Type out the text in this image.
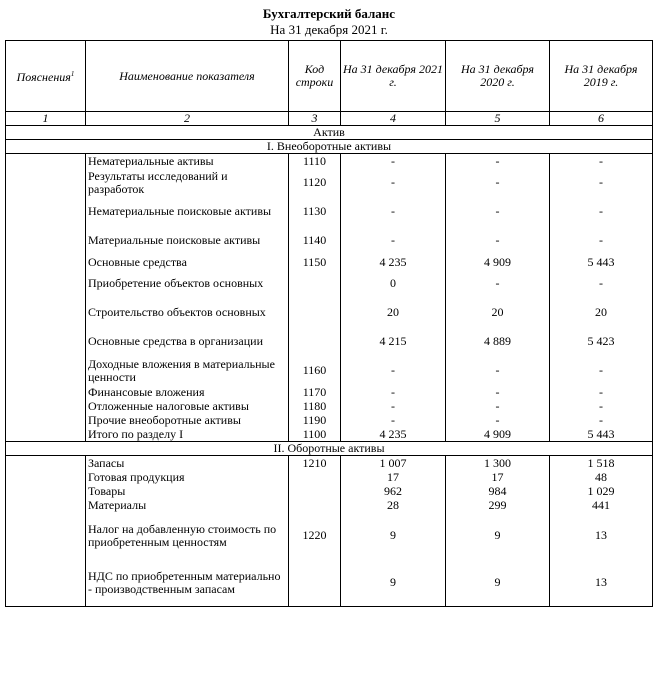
Бухгалтерский баланс
На 31 декабря 2021 г.
Пояснения$^1$	Наименование показателя	Код строки	На 31 декабря 2021 г.	На 31 декабря 2020 г.	На 31 декабря 2019 г.
1	2	3	4	5	6
Актив					
I. Внеоборотные активы					
	Нематериальные активы	1110	-	-	-
	Результаты исследований и разработок	1120	-	-	-
	Нематериальные поисковые активы	1130	-	-	-
	Материальные поисковые активы	1140	-	-	-
	Основные средства	1150	4 235	4 909	5 443
	Приобретение объектов основных		0	-	-
	Строительство объектов основных		20	20	20
	Основные средства в организации		4 215	4 889	5 423
	Доходные вложения в материальные ценности	1160	-	-	-
	Финансовые вложения	1170	-	-	-
	Отложенные налоговые активы	1180	-	-	-
	Прочие внеоборотные активы	1190	-	-	-
	Итого по разделу I	1100	4 235	4 909	5 443
II. Оборотные активы					
	Запасы	1210	1 007	1 300	1 518
	Готовая продукция		17	17	48
	Товары		962	984	1 029
	Материалы		28	299	441
	Налог на добавленную стоимость по приобретенным ценностям	1220	9	9	13
	НДС по приобретенным материально - производственным запасам		9	9	13
